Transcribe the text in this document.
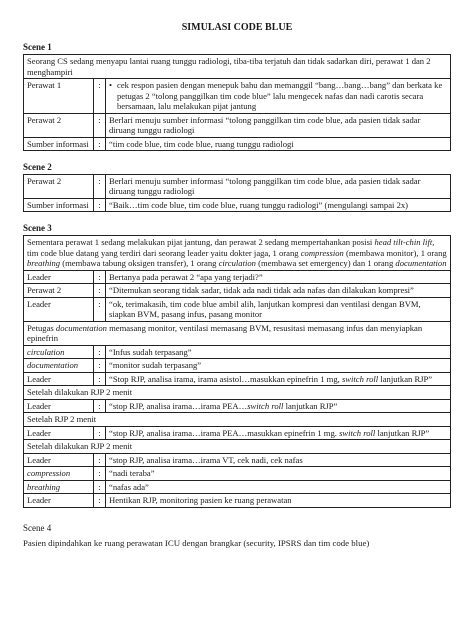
SIMULASI CODE BLUE
Scene 1
Seorang CS sedang menyapu lantai ruang tunggu radiologi, tiba-tiba terjatuh dan tidak sadarkan diri, perawat 1 dan 2 menghampiri		
Perawat 1	:	• cek respon pasien dengan menepuk bahu dan memanggil “bang…bang…bang” dan berkata ke petugas 2 “tolong panggilkan tim code blue” lalu mengecek nafas dan nadi carotis secara bersamaan, lalu melakukan pijat jantung

Perawat 2	:	Berlari menuju sumber informasi “tolong panggilkan tim code blue, ada pasien tidak sadar diruang tunggu radiologi
Sumber informasi	:	“tim code blue, tim code blue, ruang tunggu radiologi
Scene 2
Perawat 2	:	Berlari menuju sumber informasi “tolong panggilkan tim code blue, ada pasien tidak sadar diruang tunggu radiologi
Sumber informasi	:	“Baik…tim code blue, tim code blue, ruang tunggu radiologi” (mengulangi sampai 2x)
Scene 3
Sementara perawat 1 sedang melakukan pijat jantung, dan perawat 2 sedang mempertahankan posisi head tilt-chin lift, tim code blue datang yang terdiri dari seorang leader yaitu dokter jaga, 1 orang compression (membawa monitor), 1 orang breathing (membawa tabung oksigen transfer), 1 orang circulation (membawa set emergency) dan 1 orang documentation		
Leader	:	Bertanya pada perawat 2 “apa yang terjadi?”
Perawat 2	:	“Ditemukan seorang tidak sadar, tidak ada nadi tidak ada nafas dan dilakukan kompresi”
Leader	:	“ok, terimakasih, tim code blue ambil alih, lanjutkan kompresi dan ventilasi dengan BVM, siapkan BVM, pasang infus, pasang monitor
Petugas documentation memasang monitor, ventilasi memasang BVM, resusitasi memasang infus dan menyiapkan epinefrin		
circulation	:	“Infus sudah terpasang”
documentation	:	“monitor sudah terpasang”
Leader	:	“Stop RJP, analisa irama, irama asistol…masukkan epinefrin 1 mg, switch roll lanjutkan RJP”
Setelah dilakukan RJP 2 menit		
Leader	:	“stop RJP, analisa irama…irama PEA…switch roll lanjutkan RJP”
Setelah RJP 2 menit		
Leader	:	“stop RJP, analisa irama…irama PEA…masukkan epinefrin 1 mg. switch roll lanjutkan RJP”
Setelah dilakukan RJP 2 menit		
Leader	:	“stop RJP, analisa irama…irama VT, cek nadi, cek nafas
compression	:	“nadi teraba”
breathing	:	“nafas ada”
Leader	:	Hentikan RJP, monitoring pasien ke ruang perawatan
Scene 4

Pasien dipindahkan ke ruang perawatan ICU dengan brangkar (security, IPSRS dan tim code blue)
